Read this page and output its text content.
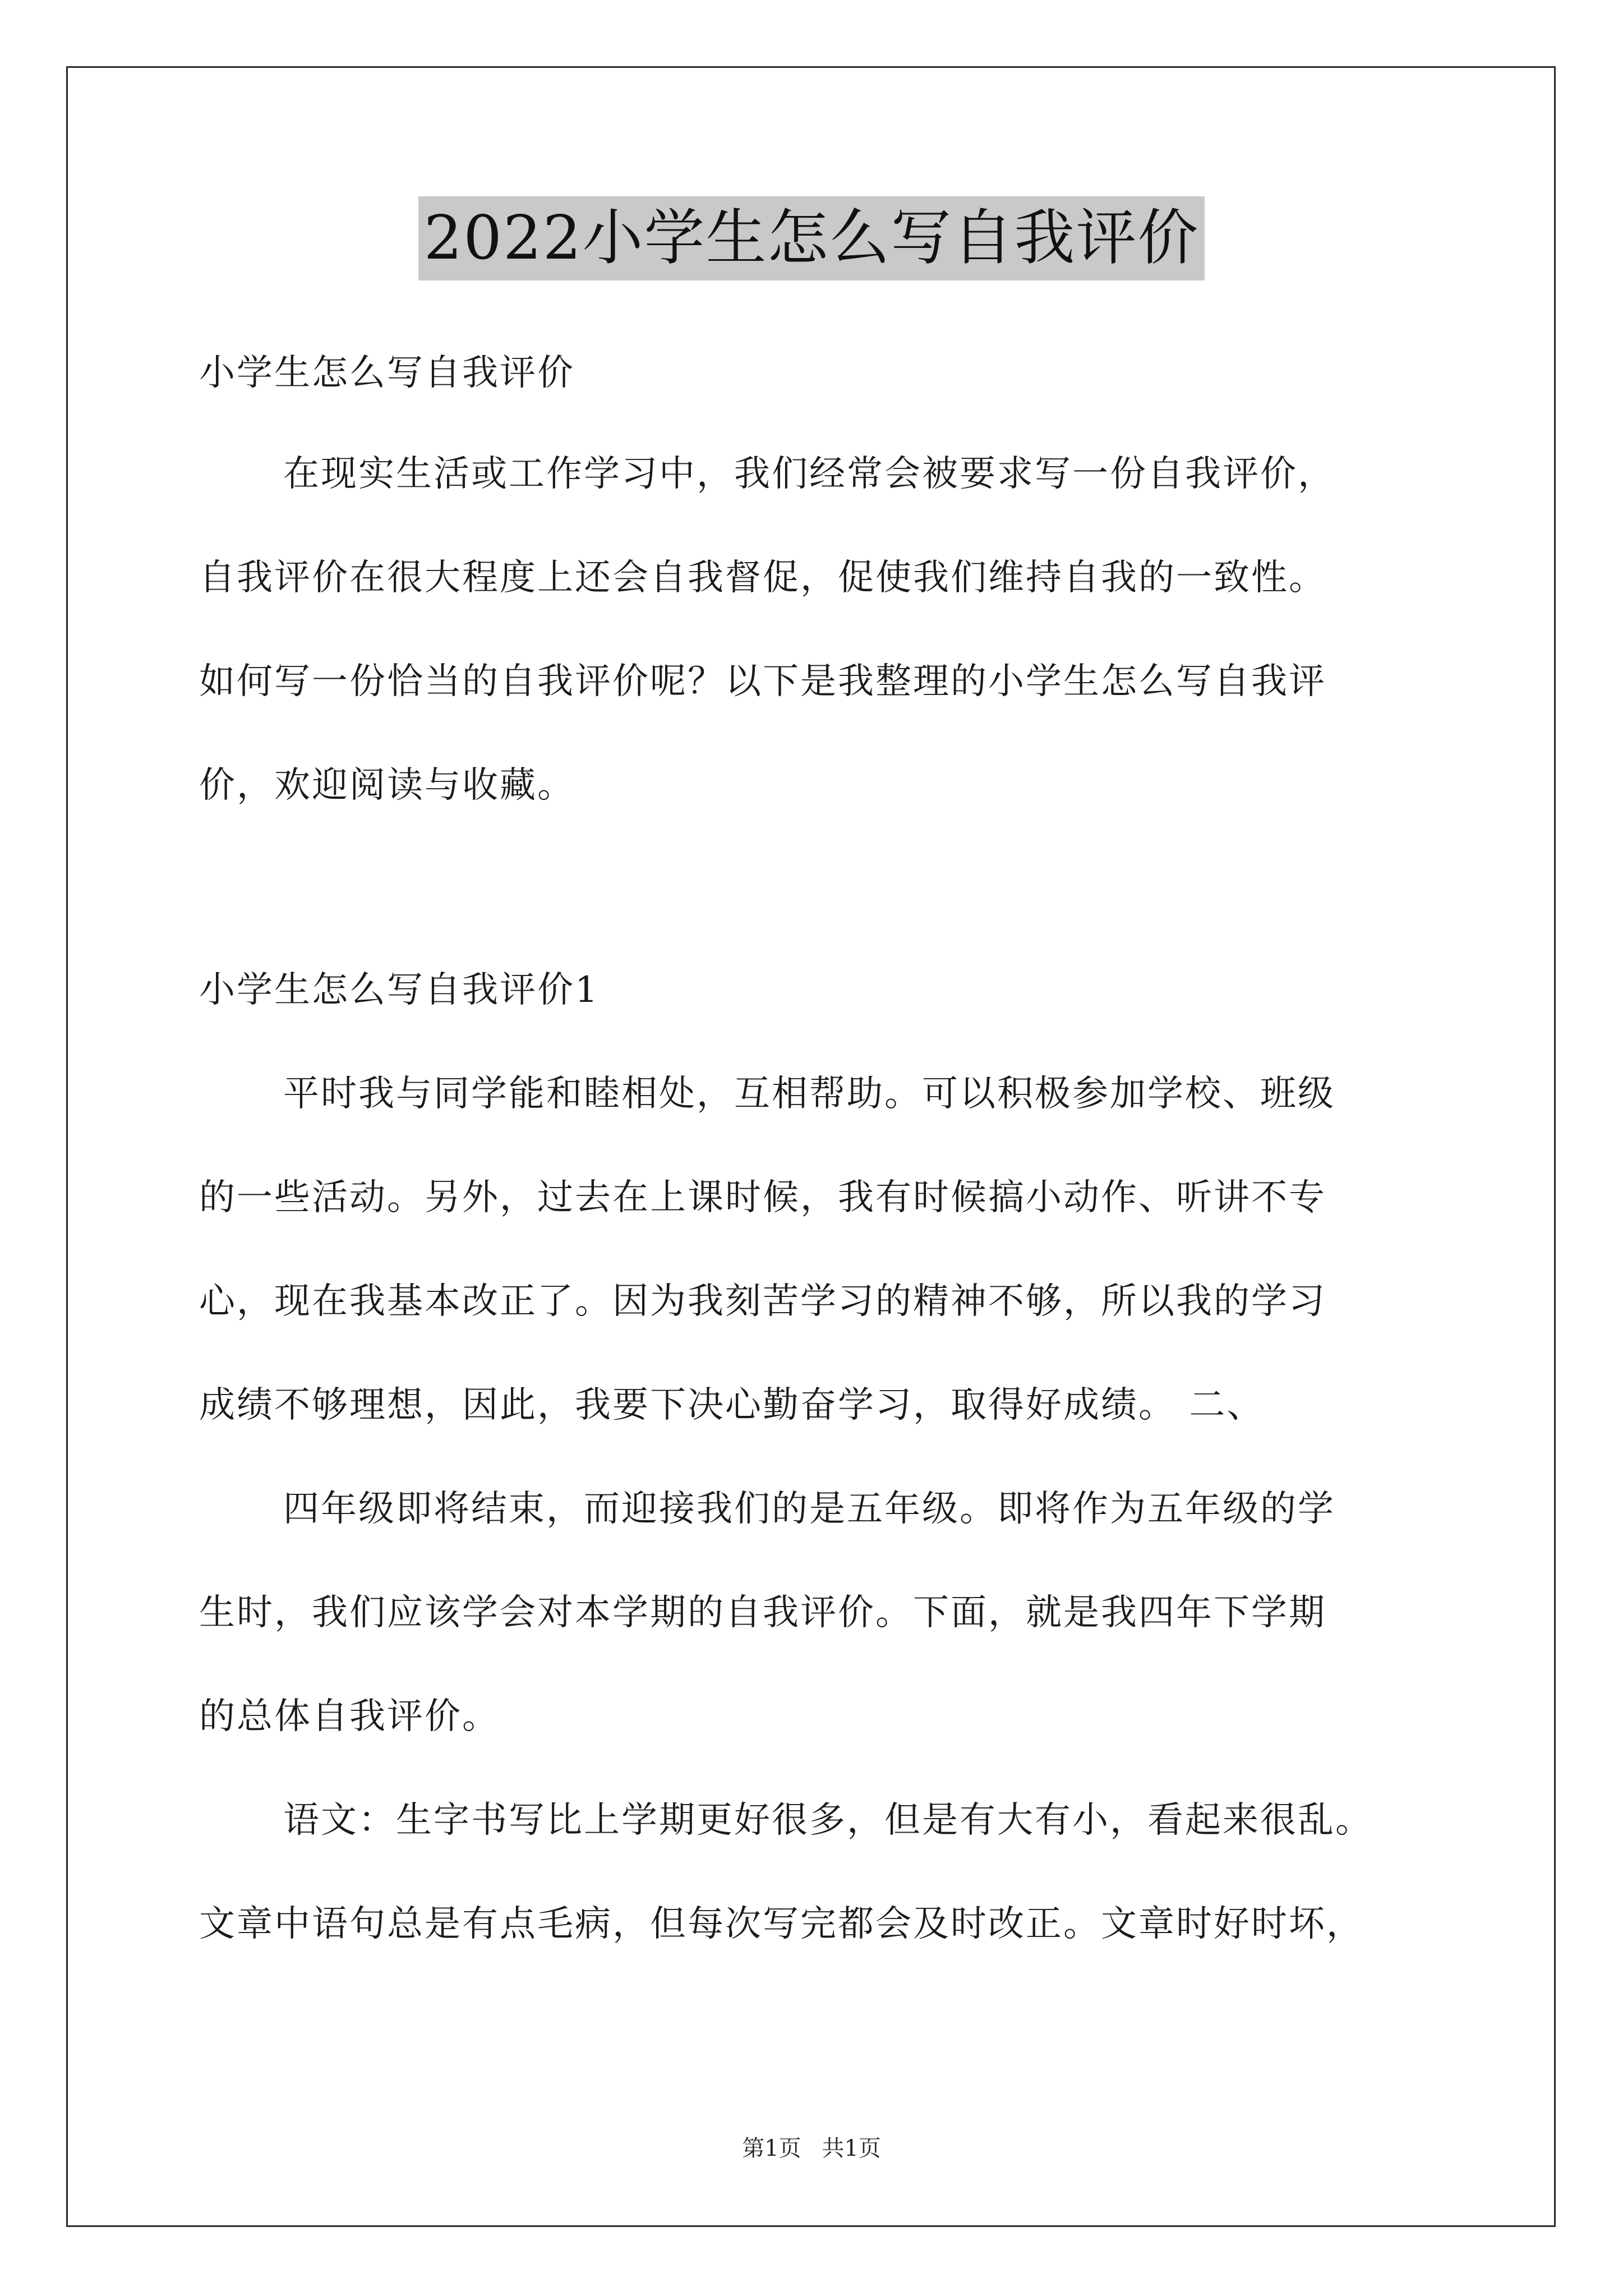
2022小学生怎么写自我评价
小学生怎么写自我评价
在现实生活或工作学习中，我们经常会被要求写一份自我评价，
自我评价在很大程度上还会自我督促，促使我们维持自我的一致性。
如何写一份恰当的自我评价呢？以下是我整理的小学生怎么写自我评
价，欢迎阅读与收藏。
小学生怎么写自我评价1
平时我与同学能和睦相处，互相帮助。可以积极参加学校、班级
的一些活动。另外，过去在上课时候，我有时候搞小动作、听讲不专
心，现在我基本改正了。因为我刻苦学习的精神不够，所以我的学习
成绩不够理想，因此，我要下决心勤奋学习，取得好成绩。 二、
四年级即将结束，而迎接我们的是五年级。即将作为五年级的学
生时，我们应该学会对本学期的自我评价。下面，就是我四年下学期
的总体自我评价。
语文：生字书写比上学期更好很多，但是有大有小，看起来很乱。
文章中语句总是有点毛病，但每次写完都会及时改正。文章时好时坏，
第1页 共1页
